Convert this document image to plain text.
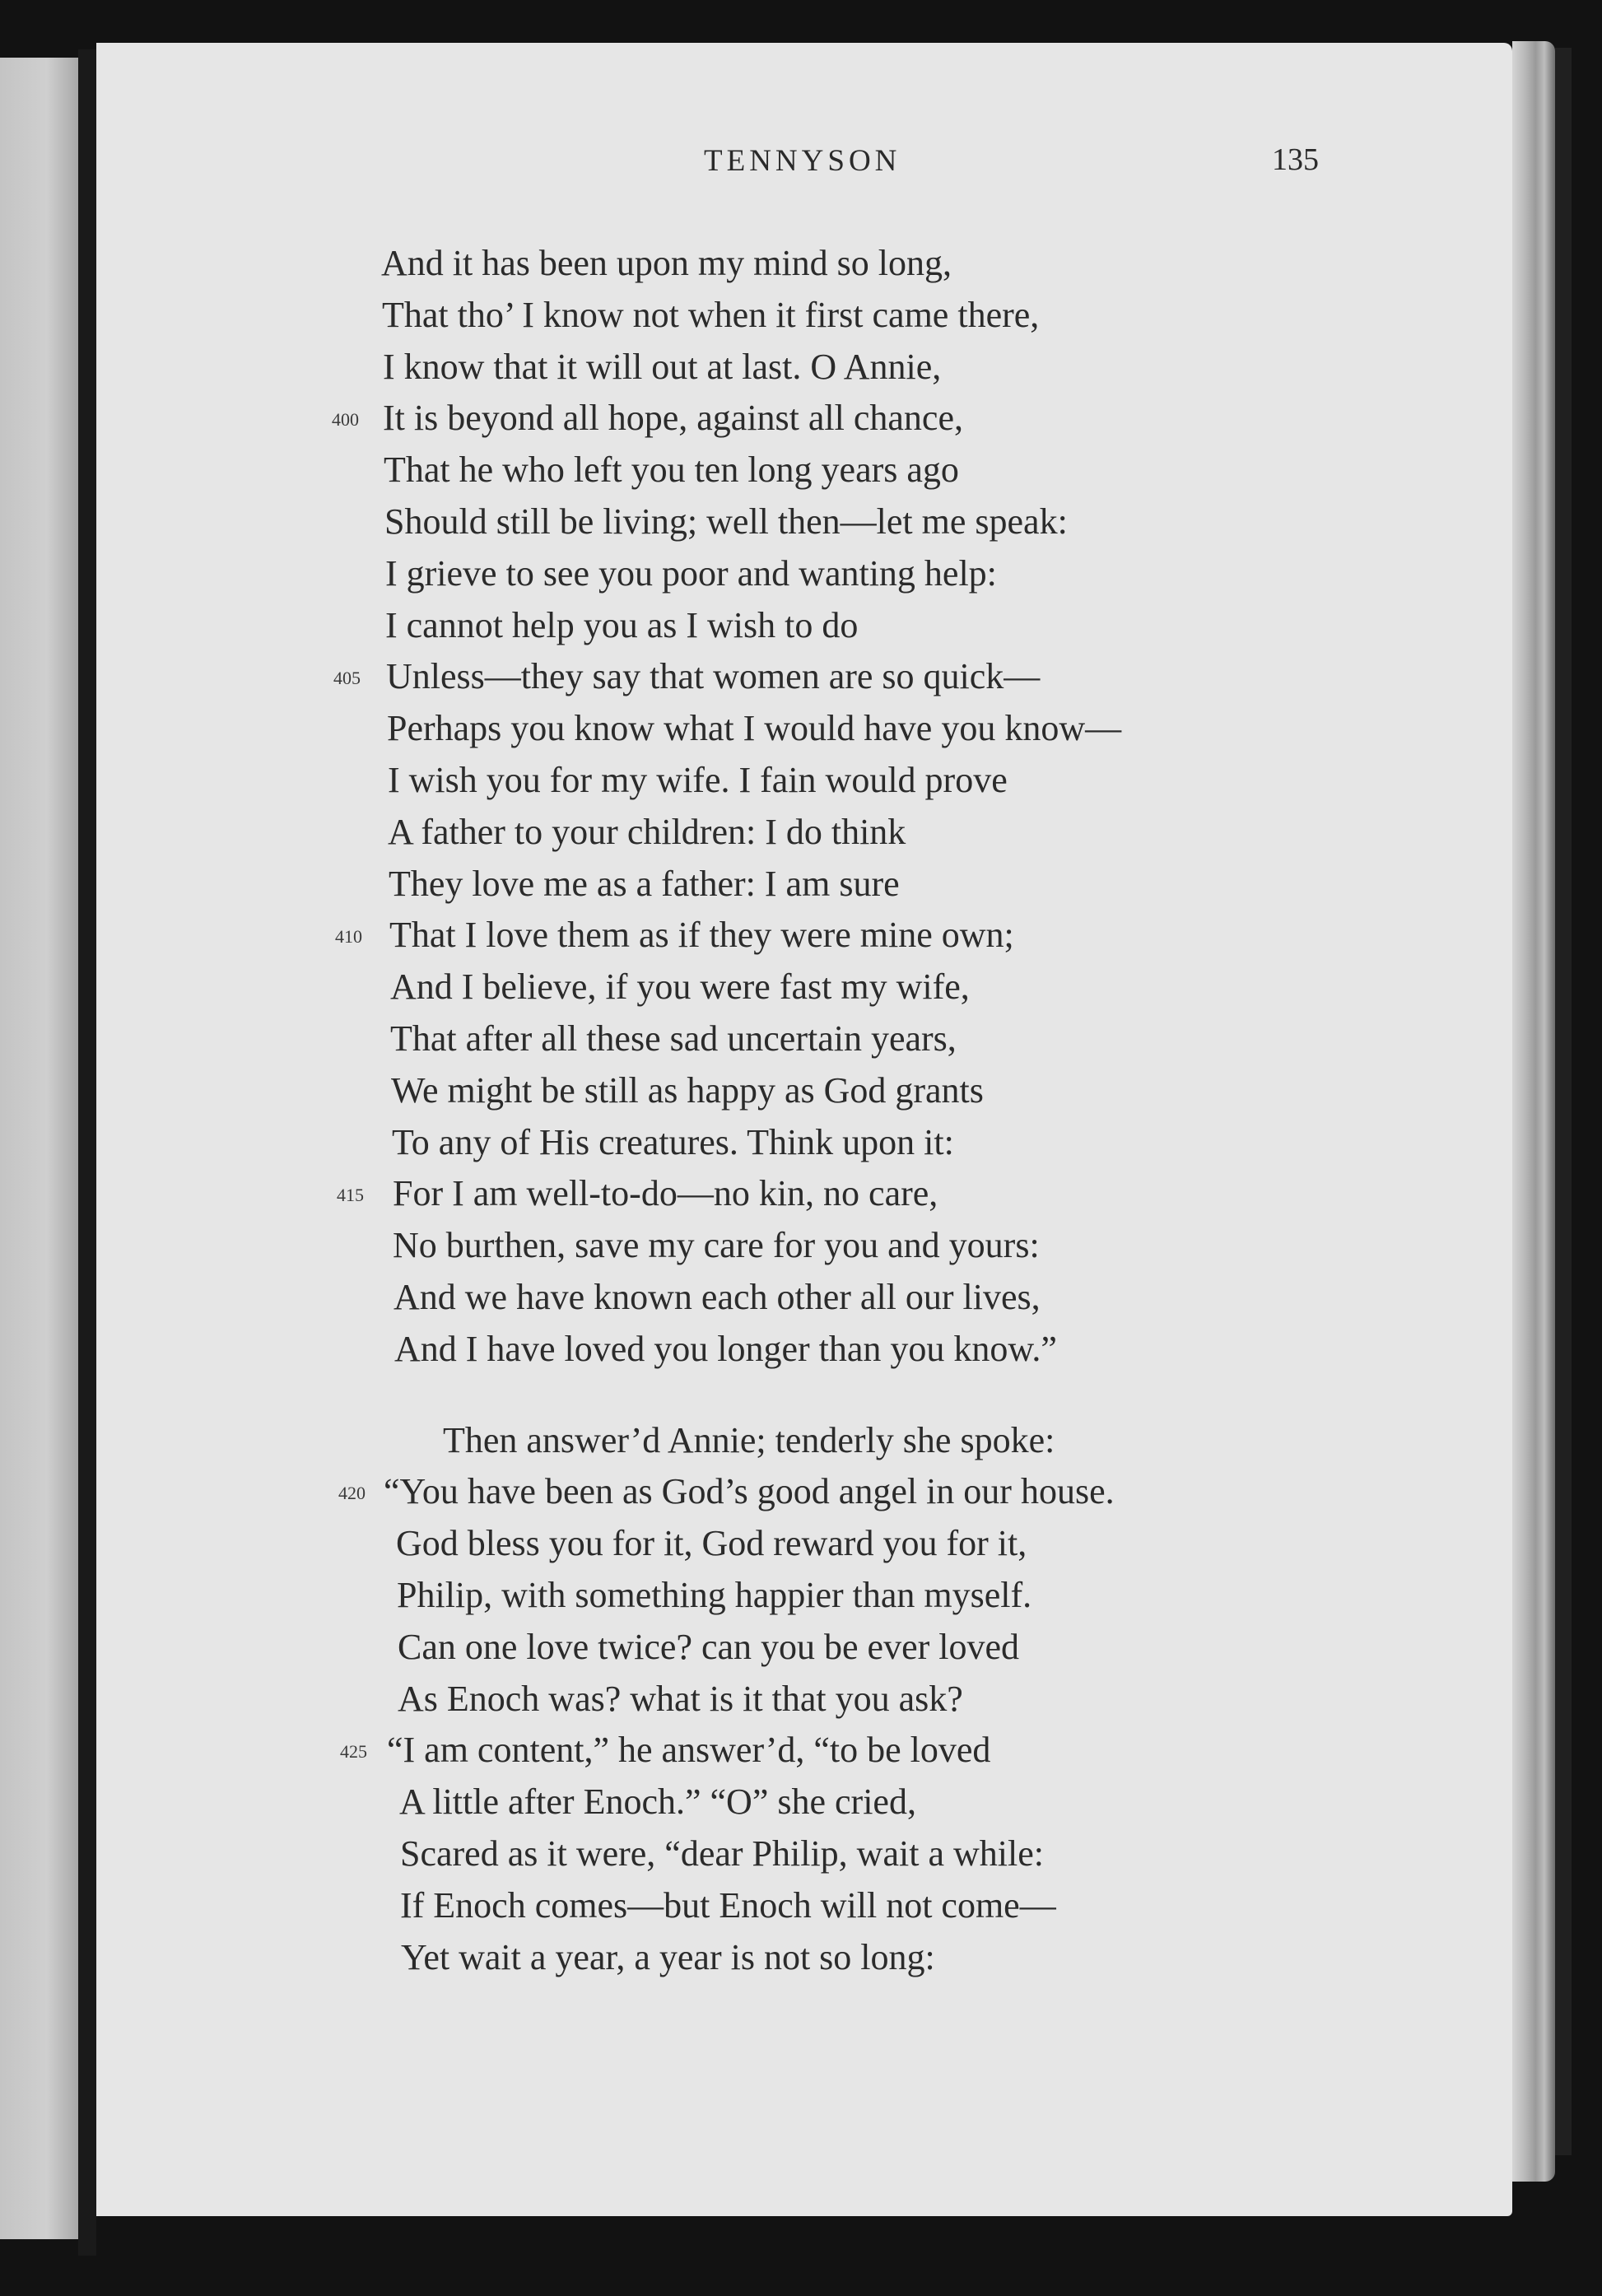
TENNYSON	135
And it has been upon my mind so long,
That tho’ I know not when it first came there,
I know that it will out at last. O Annie,
It is beyond all hope, against all chance,
400
That he who left you ten long years ago
Should still be living; well then—let me speak:
I grieve to see you poor and wanting help:
I cannot help you as I wish to do
Unless—they say that women are so quick—
405
Perhaps you know what I would have you know—
I wish you for my wife. I fain would prove
A father to your children: I do think
They love me as a father: I am sure
That I love them as if they were mine own;
410
And I believe, if you were fast my wife,
That after all these sad uncertain years,
We might be still as happy as God grants
To any of His creatures. Think upon it:
For I am well-to-do—no kin, no care,
415
No burthen, save my care for you and yours:
And we have known each other all our lives,
And I have loved you longer than you know.”
Then answer’d Annie; tenderly she spoke:
“You have been as God’s good angel in our house.
420
God bless you for it, God reward you for it,
Philip, with something happier than myself.
Can one love twice? can you be ever loved
As Enoch was? what is it that you ask?
“I am content,” he answer’d, “to be loved
425
A little after Enoch.” “O” she cried,
Scared as it were, “dear Philip, wait a while:
If Enoch comes—but Enoch will not come—
Yet wait a year, a year is not so long:
